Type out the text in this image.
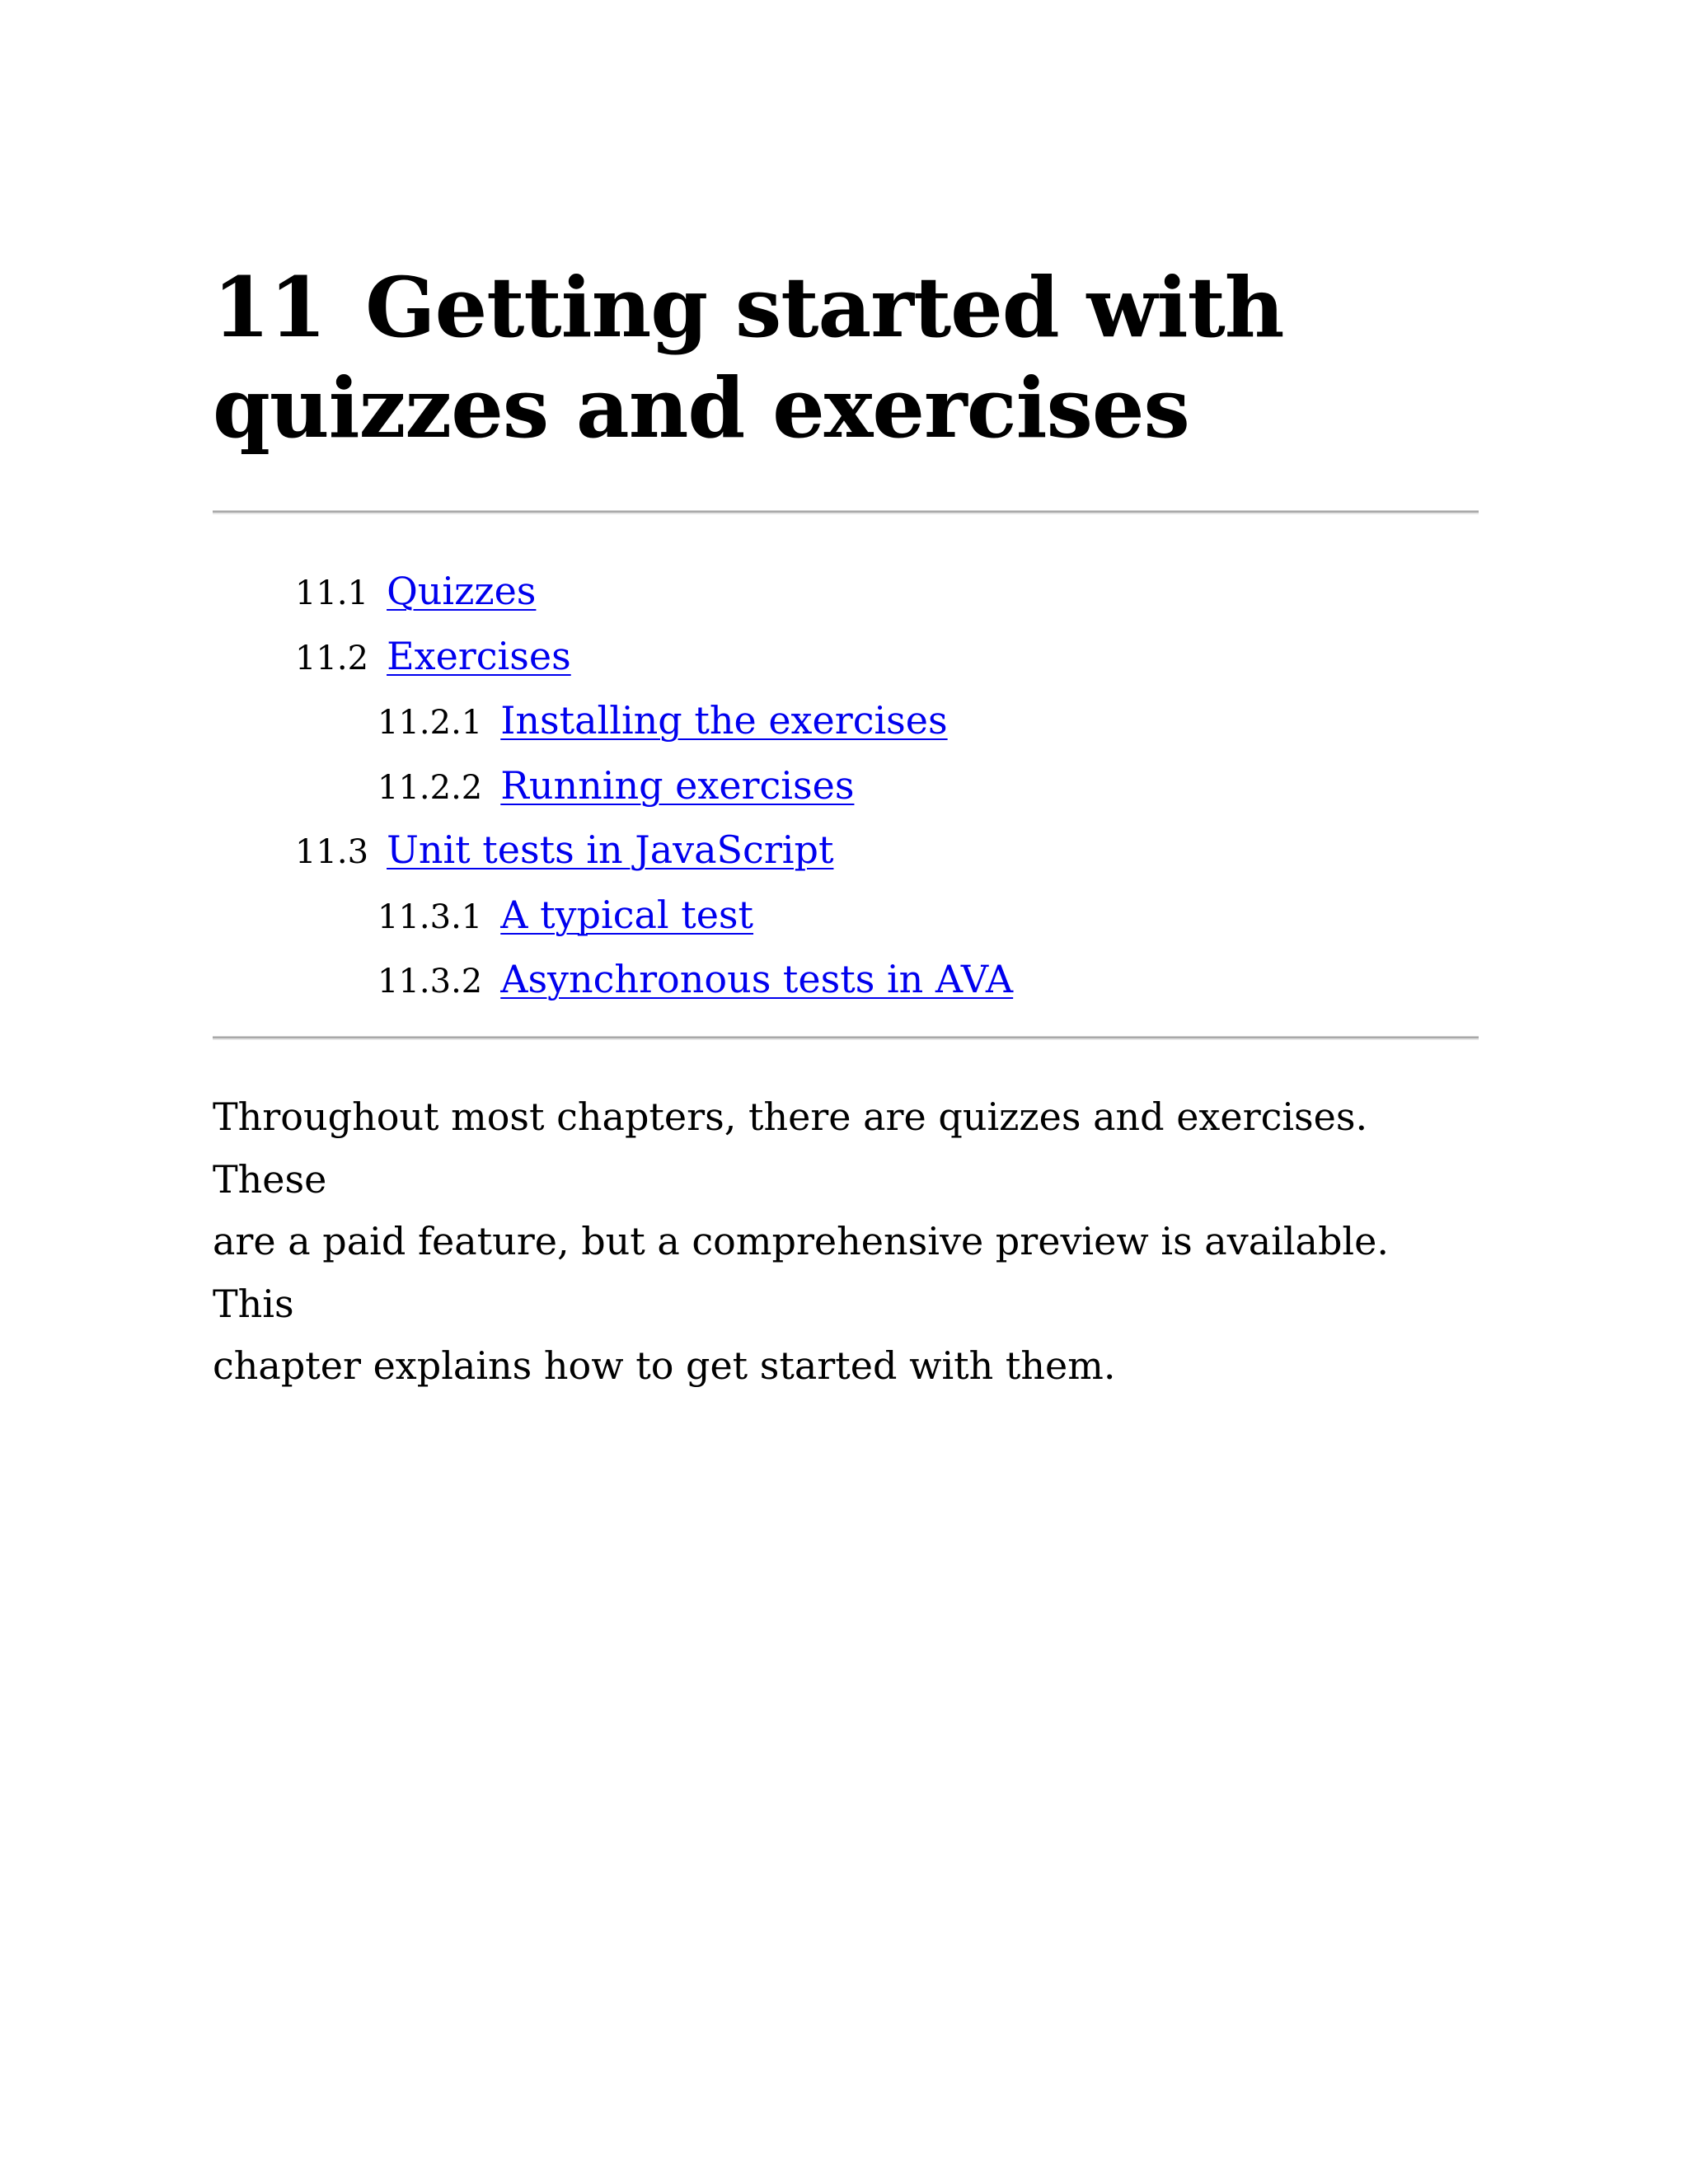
11 Getting started with
quizzes and exercises
11.1 Quizzes
11.2 Exercises
11.2.1 Installing the exercises
11.2.2 Running exercises
11.3 Unit tests in JavaScript
11.3.1 A typical test
11.3.2 Asynchronous tests in AVA

Throughout most chapters, there are quizzes and exercises. These
are a paid feature, but a comprehensive preview is available. This
chapter explains how to get started with them.
